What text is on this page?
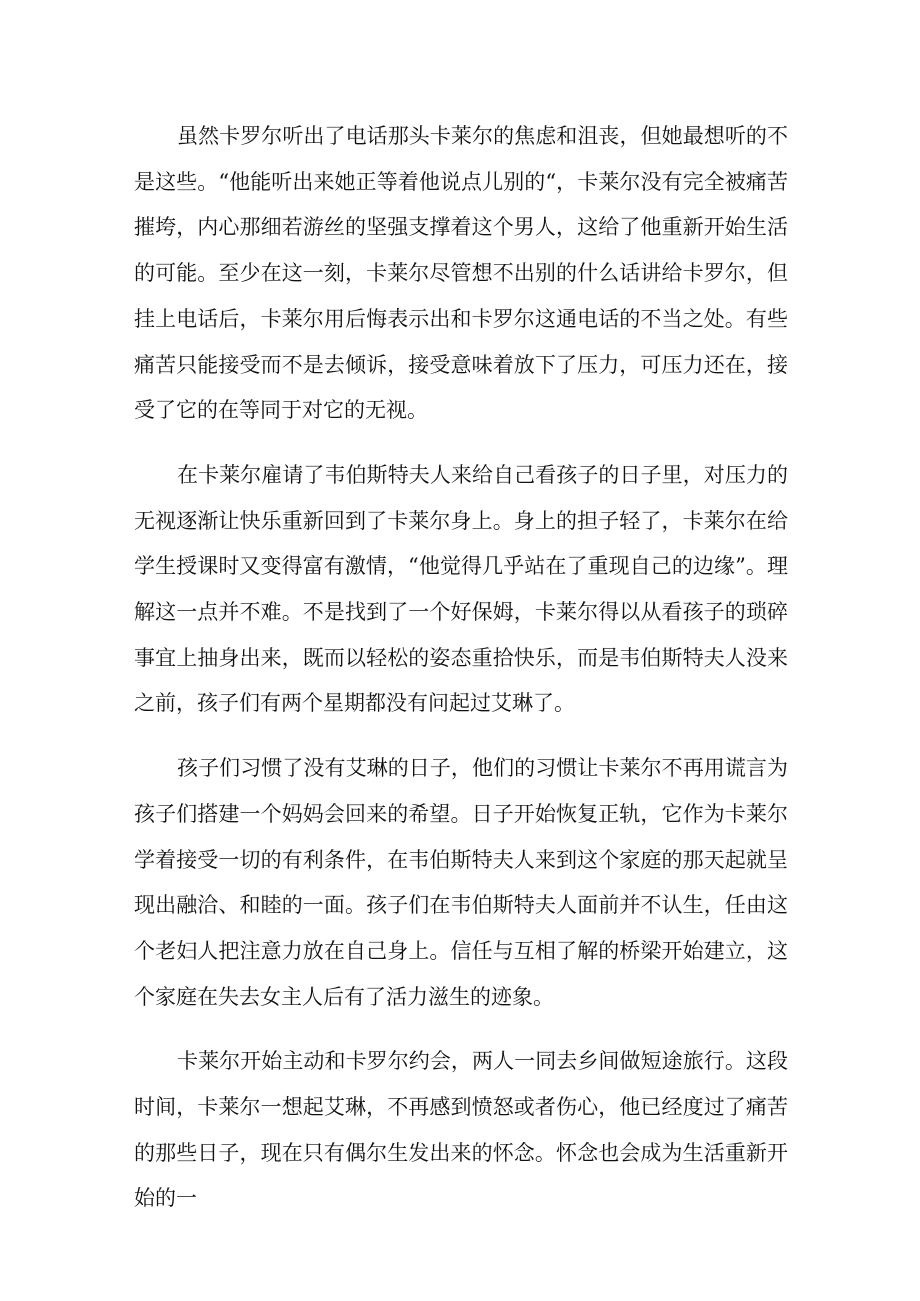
虽然卡罗尔听出了电话那头卡莱尔的焦虑和沮丧，但她最想听的不是这些。“他能听出来她正等着他说点儿别的“，卡莱尔没有完全被痛苦摧垮，内心那细若游丝的坚强支撑着这个男人，这给了他重新开始生活的可能。至少在这一刻，卡莱尔尽管想不出别的什么话讲给卡罗尔，但挂上电话后，卡莱尔用后悔表示出和卡罗尔这通电话的不当之处。有些痛苦只能接受而不是去倾诉，接受意味着放下了压力，可压力还在，接受了它的在等同于对它的无视。

在卡莱尔雇请了韦伯斯特夫人来给自己看孩子的日子里，对压力的无视逐渐让快乐重新回到了卡莱尔身上。身上的担子轻了，卡莱尔在给学生授课时又变得富有激情，“他觉得几乎站在了重现自己的边缘”。理解这一点并不难。不是找到了一个好保姆，卡莱尔得以从看孩子的琐碎事宜上抽身出来，既而以轻松的姿态重拾快乐，而是韦伯斯特夫人没来之前，孩子们有两个星期都没有问起过艾琳了。

孩子们习惯了没有艾琳的日子，他们的习惯让卡莱尔不再用谎言为孩子们搭建一个妈妈会回来的希望。日子开始恢复正轨，它作为卡莱尔学着接受一切的有利条件，在韦伯斯特夫人来到这个家庭的那天起就呈现出融洽、和睦的一面。孩子们在韦伯斯特夫人面前并不认生，任由这个老妇人把注意力放在自己身上。信任与互相了解的桥梁开始建立，这个家庭在失去女主人后有了活力滋生的迹象。

卡莱尔开始主动和卡罗尔约会，两人一同去乡间做短途旅行。这段时间，卡莱尔一想起艾琳，不再感到愤怒或者伤心，他已经度过了痛苦的那些日子，现在只有偶尔生发出来的怀念。怀念也会成为生活重新开始的一
